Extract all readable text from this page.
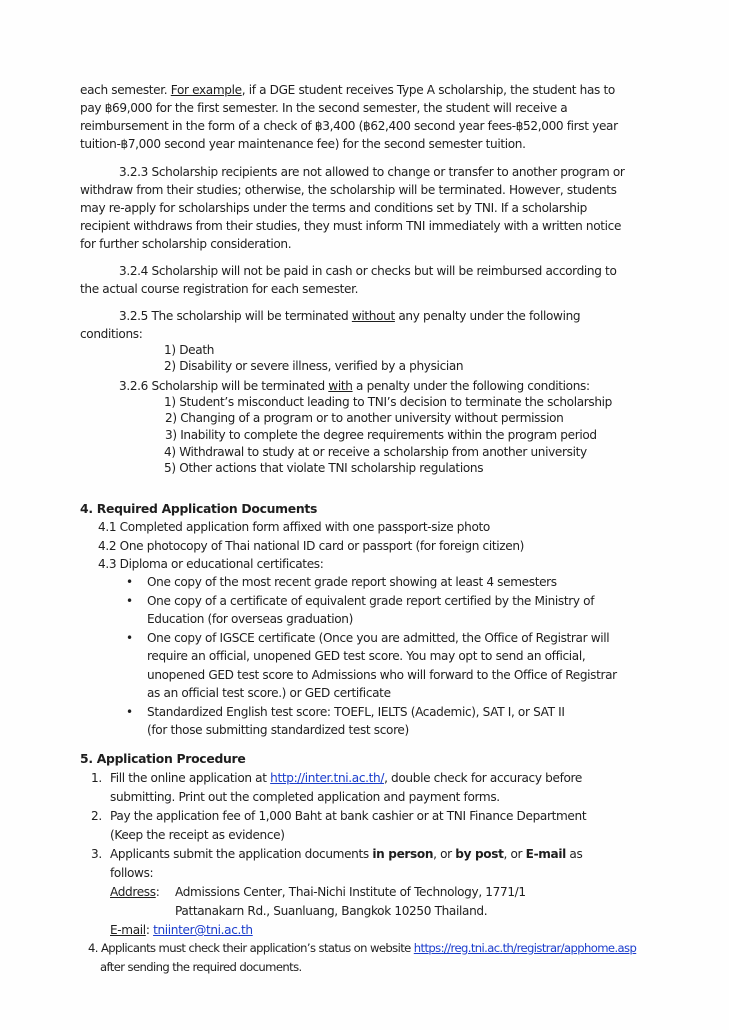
each semester. For example, if a DGE student receives Type A scholarship, the student has to
pay ฿69,000 for the first semester. In the second semester, the student will receive a
reimbursement in the form of a check of ฿3,400 (฿62,400 second year fees-฿52,000 first year
tuition-฿7,000 second year maintenance fee) for the second semester tuition.
3.2.3 Scholarship recipients are not allowed to change or transfer to another program or
withdraw from their studies; otherwise, the scholarship will be terminated. However, students
may re-apply for scholarships under the terms and conditions set by TNI. If a scholarship
recipient withdraws from their studies, they must inform TNI immediately with a written notice
for further scholarship consideration.
3.2.4 Scholarship will not be paid in cash or checks but will be reimbursed according to
the actual course registration for each semester.
3.2.5 The scholarship will be terminated without any penalty under the following
conditions:
1) Death
2) Disability or severe illness, verified by a physician
3.2.6 Scholarship will be terminated with a penalty under the following conditions:
1) Student’s misconduct leading to TNI’s decision to terminate the scholarship
2) Changing of a program or to another university without permission
3) Inability to complete the degree requirements within the program period
4) Withdrawal to study at or receive a scholarship from another university
5) Other actions that violate TNI scholarship regulations
4. Required Application Documents
4.1 Completed application form affixed with one passport-size photo
4.2 One photocopy of Thai national ID card or passport (for foreign citizen)
4.3 Diploma or educational certificates:
• One copy of the most recent grade report showing at least 4 semesters
• One copy of a certificate of equivalent grade report certified by the Ministry of
Education (for overseas graduation)
• One copy of IGSCE certificate (Once you are admitted, the Office of Registrar will
require an official, unopened GED test score. You may opt to send an official,
unopened GED test score to Admissions who will forward to the Office of Registrar
as an official test score.) or GED certificate
• Standardized English test score: TOEFL, IELTS (Academic), SAT I, or SAT II
(for those submitting standardized test score)
5. Application Procedure
1. Fill the online application at http://inter.tni.ac.th/, double check for accuracy before
submitting. Print out the completed application and payment forms.
2. Pay the application fee of 1,000 Baht at bank cashier or at TNI Finance Department
(Keep the receipt as evidence)
3. Applicants submit the application documents in person, or by post, or E-mail as
follows:
Address: Admissions Center, Thai-Nichi Institute of Technology, 1771/1
Pattanakarn Rd., Suanluang, Bangkok 10250 Thailand.
E-mail: tniinter@tni.ac.th
4. Applicants must check their application’s status on website https://reg.tni.ac.th/registrar/apphome.asp
after sending the required documents.
